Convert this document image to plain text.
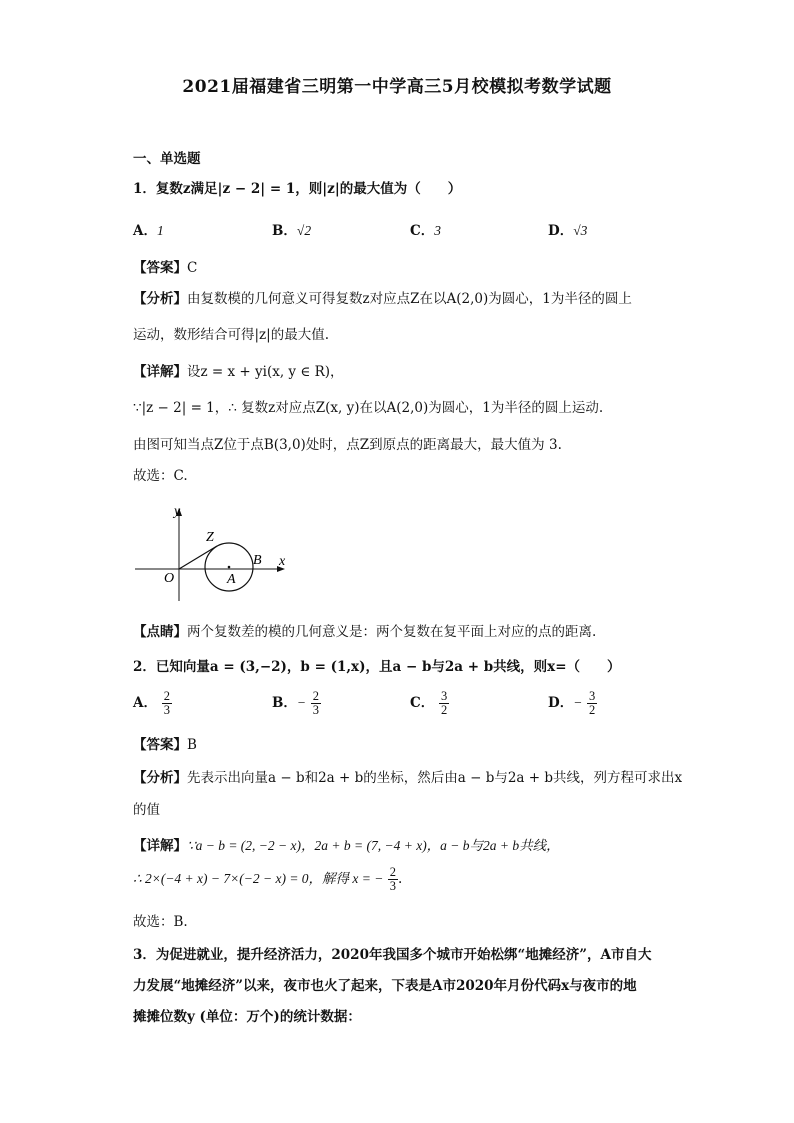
2021届福建省三明第一中学高三5月校模拟考数学试题
一、单选题
1．复数z满足|z − 2| = 1，则|z|的最大值为（　　）
A．1	B．√2	C．3	D．√3
【答案】C
【分析】由复数模的几何意义可得复数z对应点Z在以A(2,0)为圆心，1为半径的圆上
运动，数形结合可得|z|的最大值.
【详解】设z = x + yi(x, y ∈ R)，
∵|z − 2| = 1，∴ 复数z对应点Z(x, y)在以A(2,0)为圆心，1为半径的圆上运动.
由图可知当点Z位于点B(3,0)处时，点Z到原点的距离最大，最大值为 3.
故选：C.
y
x
O
Z
A
B
【点睛】两个复数差的模的几何意义是：两个复数在复平面上对应的点的距离.
2．已知向量a = (3,−2)，b = (1,x)，且a − b与2a + b共线，则x=（　　）
A． $\frac{2}{3}$	B．− $\frac{2}{3}$	C． $\frac{3}{2}$	D．− $\frac{3}{2}$
【答案】B
【分析】先表示出向量a − b和2a + b的坐标，然后由a − b与2a + b共线，列方程可求出x
的值
【详解】∵a − b = (2, −2 − x)，2a + b = (7, −4 + x)，a − b与2a + b共线，
∴ 2×(−4 + x) − 7×(−2 − x) = 0，解得 x = − $\frac{2}{3}$ .
故选：B.
3．为促进就业，提升经济活力，2020年我国多个城市开始松绑“地摊经济”，A市自大
力发展“地摊经济”以来，夜市也火了起来，下表是A市2020年月份代码x与夜市的地
摊摊位数y (单位：万个)的统计数据：
